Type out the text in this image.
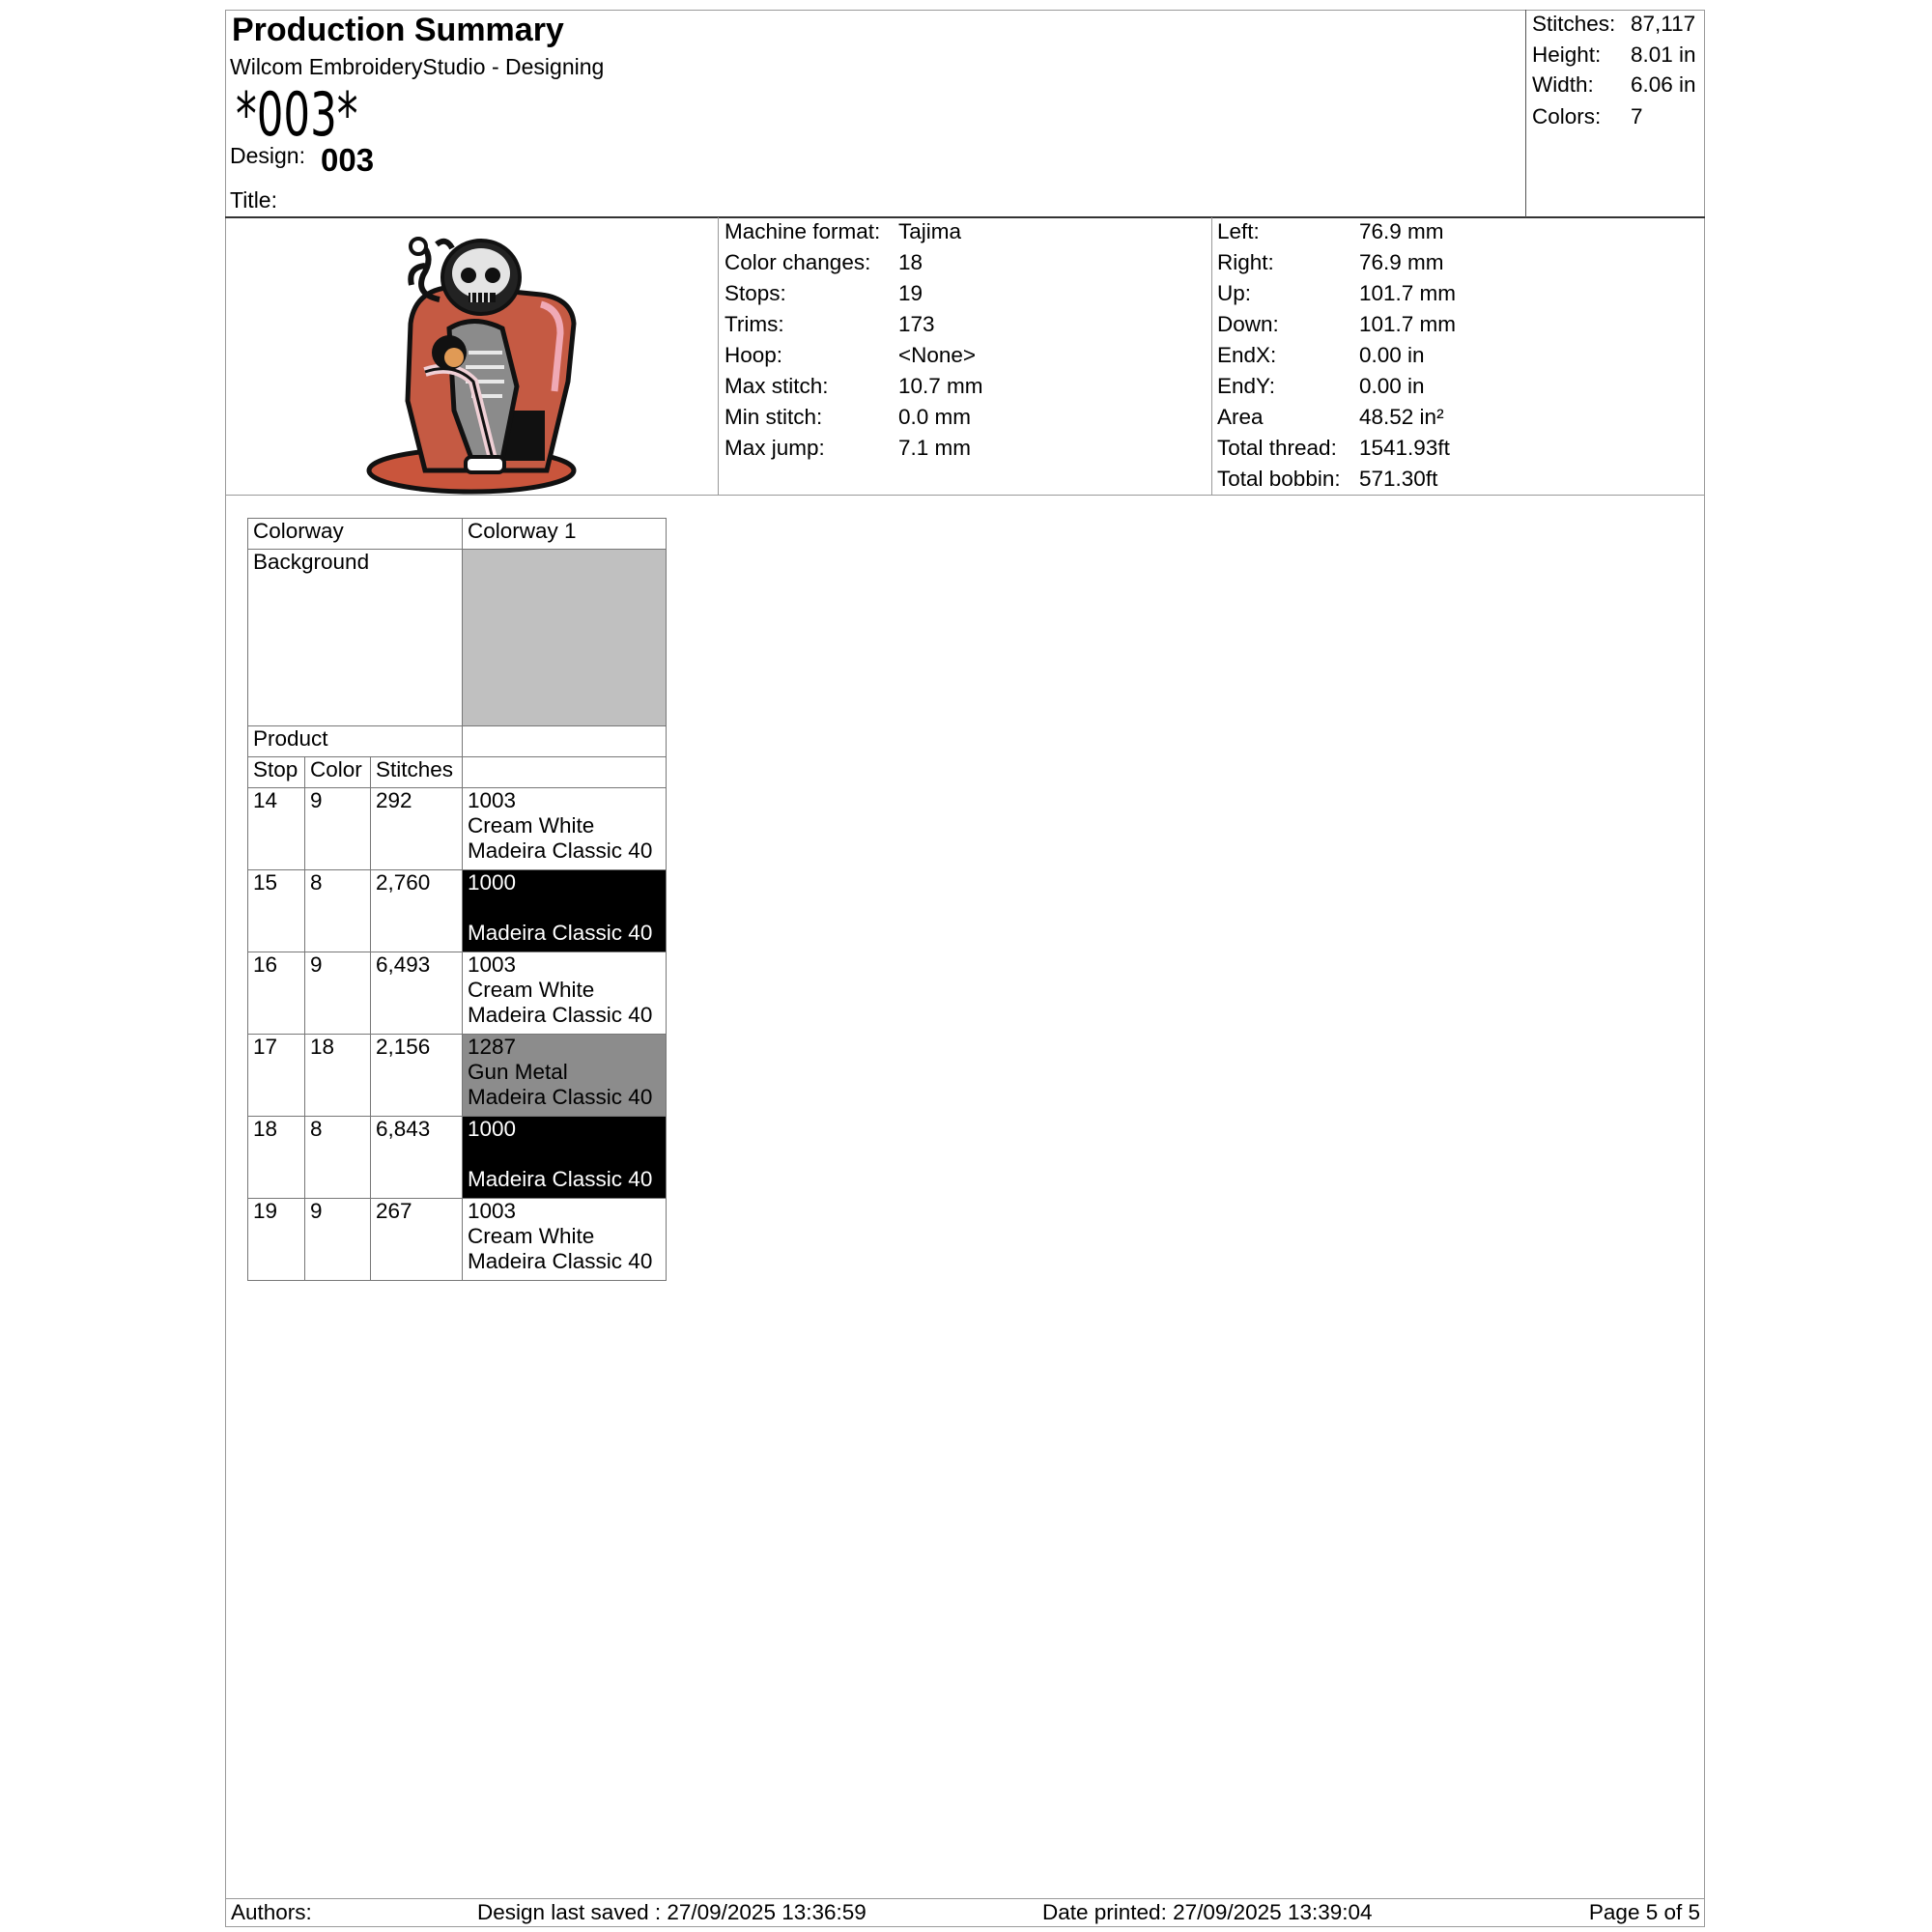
Production Summary
Wilcom EmbroideryStudio - Designing
*003*
Design: 003
Title:
Stitches: 87,117
Height: 8.01 in
Width: 6.06 in
Colors: 7
Machine format: Tajima
Color changes: 18
Stops:	19
Trims:	173
Hoop:	<None>
Max stitch:	10.7 mm
Min stitch:	0.0 mm
Max jump:	7.1 mm
Left:	76.9 mm
Right:	76.9 mm
Up:	101.7 mm
Down:	101.7 mm
EndX:	0.00 in
EndY:	0.00 in
Area	48.52 in²
Total thread: 1541.93ft
Total bobbin: 571.30ft
Colorway			Colorway 1
Background			
Product			
Stop	Color	Stitches	
14	9	292	1003
Cream White
Madeira Classic 40

15	8	2,760	1000
Madeira Classic 40

16	9	6,493	1003
Cream White
Madeira Classic 40

17	18	2,156	1287
Gun Metal
Madeira Classic 40

18	8	6,843	1000
Madeira Classic 40

19	9	267	1003
Cream White
Madeira Classic 40
Authors:	Design last saved : 27/09/2025 13:36:59	Date printed: 27/09/2025 13:39:04	Page 5 of 5
